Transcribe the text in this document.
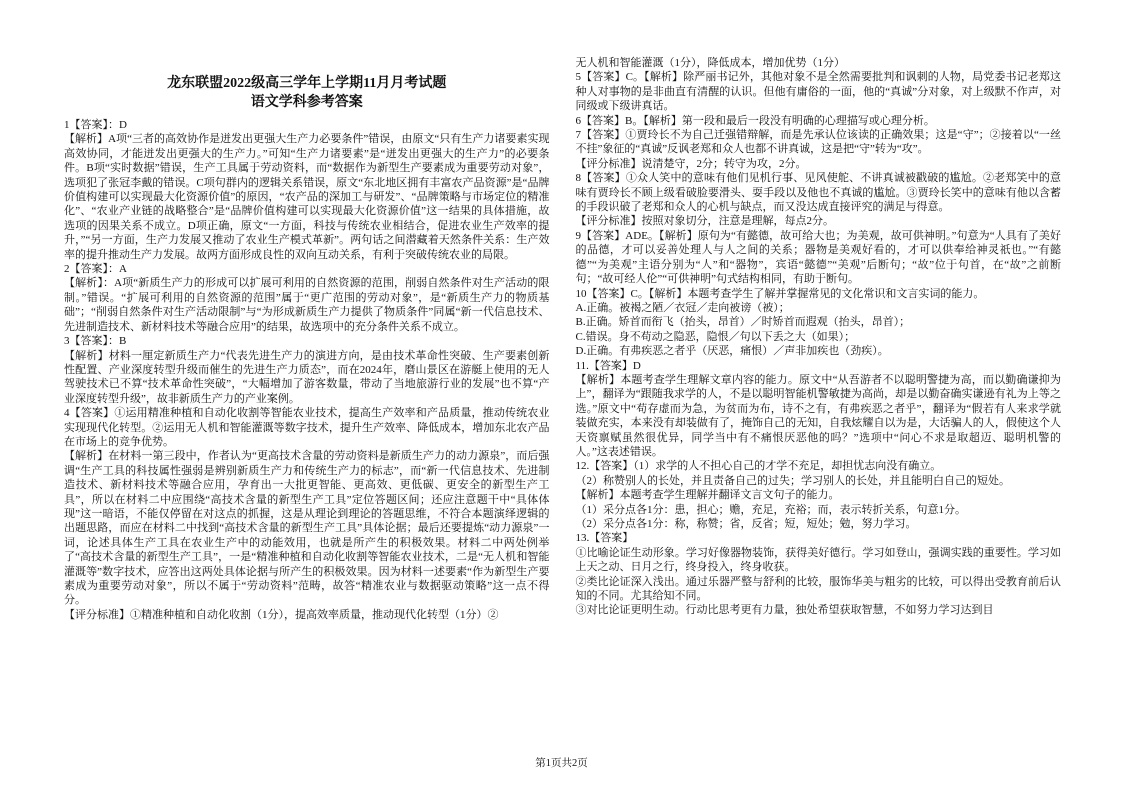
龙东联盟2022级高三学年上学期11月月考试题
语文学科参考答案

1【答案】：D

【解析】A项“三者的高效协作是迸发出更强大生产力必要条件”错误，由原文“只有生产力诸要素实现高效协同，才能迸发出更强大的生产力。”可知“生产力诸要素”是“迸发出更强大的生产力”的必要条件。B项“实时数据”错误，生产工具属于劳动资料，而“数据作为新型生产要素成为重要劳动对象”，选项犯了张冠李戴的错误。C项句群内的逻辑关系错误，原文“东北地区拥有丰富农产品资源”是“品牌价值构建可以实现最大化资源价值”的原因，“农产品的深加工与研发”、“品牌策略与市场定位的精准化”、“农业产业链的战略整合”是“品牌价值构建可以实现最大化资源价值”这一结果的具体措施，故选项的因果关系不成立。D项正确，原文“一方面，科技与传统农业相结合，促进农业生产效率的提升，”“另一方面，生产力发展又推动了农业生产模式革新”。两句话之间潜藏着天然条件关系：生产效率的提升推动生产力发展。故两方面形成良性的双向互动关系，有利于突破传统农业的局限。

2【答案】：A

【解析】：A项“新质生产力的形成可以扩展可利用的自然资源的范围，削弱自然条件对生产活动的限制。”错误。“扩展可利用的自然资源的范围”属于“更广范围的劳动对象”，是“新质生产力的物质基础”；“削弱自然条件对生产活动限制”与“为形成新质生产力提供了物质条件”同属“新一代信息技术、先进制造技术、新材料技术等融合应用”的结果，故选项中的充分条件关系不成立。

3【答案】：B

【解析】材料一厘定新质生产力“代表先进生产力的演进方向，是由技术革命性突破、生产要素创新性配置、产业深度转型升级而催生的先进生产力质态”，而在2024年，磨山景区在游艇上使用的无人驾驶技术已不算“技术革命性突破”，“大幅增加了游客数量，带动了当地旅游行业的发展”也不算“产业深度转型升级”，故非新质生产力的产业案例。

4【答案】①运用精准种植和自动化收割等智能农业技术，提高生产效率和产品质量，推动传统农业实现现代化转型。②运用无人机和智能灌溉等数字技术，提升生产效率、降低成本，增加东北农产品在市场上的竞争优势。

【解析】在材料一第三段中，作者认为“更高技术含量的劳动资料是新质生产力的动力源泉”，而后强调“生产工具的科技属性强弱是辨别新质生产力和传统生产力的标志”，而“新一代信息技术、先进制造技术、新材料技术等融合应用，孕育出一大批更智能、更高效、更低碳、更安全的新型生产工具”，所以在材料二中应围绕“高技术含量的新型生产工具”定位答题区间；还应注意题干中“具体体现”这一暗语，不能仅停留在对这点的抓握，这是从理论到理论的答题思维，不符合本题演绎逻辑的出题思路，而应在材料二中找到“高技术含量的新型生产工具”具体论据；最后还要提炼“动力源泉”一词，论述具体生产工具在农业生产中的动能效用，也就是所产生的积极效果。材料二中两处例举了“高技术含量的新型生产工具”，一是“精准种植和自动化收割等智能农业技术，二是“无人机和智能灌溉等”数字技术，应答出这两处具体论据与所产生的积极效果。因为材料一述要素“作为新型生产要素成为重要劳动对象”，所以不属于“劳动资料”范畴，故答“精准农业与数据驱动策略”这一点不得分。

【评分标准】①精准种植和自动化收割（1分），提高效率质量，推动现代化转型（1分）②

无人机和智能灌溉（1分），降低成本，增加优势（1分）

5【答案】C。【解析】除严丽书记外，其他对象不是全然需要批判和讽刺的人物，局党委书记老郑这种人对事物的是非曲直有清醒的认识。但他有庸俗的一面，他的“真诚”分对象，对上级默不作声，对同级或下级讲真话。

6【答案】B。【解析】第一段和最后一段没有明确的心理描写或心理分析。

7【答案】①贾玲长不为自己迁强错辩解，而是先承认位该读的正确效果；这是“守”；②接着以“一丝不挂”象征的“真诚”反讽老郑和众人也都不讲真诚，这是把“守”转为“攻”。

【评分标准】说清楚守，2分；转守为攻，2分。

8【答案】①众人笑中的意味有他们见机行事、见风使舵、不讲真诚被戳破的尴尬。②老郑笑中的意味有贾玲长不顾上级看破脸要滑头、耍手段以及他也不真诚的尴尬。③贾玲长笑中的意味有他以含蓄的手段识破了老郑和众人的心机与缺点，而又没达成直接评究的满足与得意。

【评分标准】按照对象切分，注意是理解，每点2分。

9【答案】ADE。【解析】原句为“有懿德，故可给大也；为美观，故可供神明。”句意为“人具有了美好的品德，才可以妥善处理人与人之间的关系；器物是美观好看的，才可以供奉给神灵祇也。”“有懿德”“为美观”主语分别为“人”和“器物”，宾语“懿德”“美观”后断句；“故”位于句首，在“故”之前断句；“故可经人伦”“可供神明”句式结构相同，有助于断句。

10【答案】C。【解析】本题考查学生了解并掌握常见的文化常识和文言实词的能力。

A.正确。被褐之陋／衣冠／走向被谤（被）；

B.正确。矫首而衔飞（抬头，昂首）／时矫首而遐观（抬头，昂首）；

C.错误。身不苟动之隐恶，隐恨／句以下丢之大（如果）；

D.正确。有弗疾恶之者乎（厌恶，痛恨）／声非加疾也（劲疾）。

11.【答案】D

【解析】本题考查学生理解文章内容的能力。原文中“从吾游者不以聪明警捷为高，而以勤确谦抑为上”，翻译为“跟随我求学的人，不是以聪明智能机警敏捷为高尚，却是以勤奋确实谦逊有礼为上等之选。”原文中“苟存虚而为急，为贫而为布，诗不之有，有弗疾恶之者乎”，翻译为“假若有人来求学就装做充实，本来没有却装做有了，掩饰自己的无知，自我炫耀自以为是，大话骗人的人，假使这个人天资禀赋虽然很优异，同学当中有不痛恨厌恶他的吗？”选项中“问心不求是取超迈、聪明机警的人。”这表述错误。

12.【答案】（1）求学的人不担心自己的才学不充足，却担忧志向没有确立。

（2）称赞别人的长处，并且责备自己的过失；学习别人的长处，并且能明白自己的短处。

【解析】本题考查学生理解并翻译文言文句子的能力。

（1）采分点各1分：患，担心；赡，充足，充裕；而，表示转折关系，句意1分。

（2）采分点各1分：称，称赞；省，反省；短，短处；勉，努力学习。

13.【答案】

①比喻论证生动形象。学习好像器物装饰，获得美好德行。学习如登山，强调实践的重要性。学习如上天之动、日月之行，终身投入，终身收获。

②类比论证深入浅出。通过乐器严整与舒利的比较，服饰华美与粗劣的比较，可以得出受教育前后认知的不同。尤其给知不同。

③对比论证更明生动。行动比思考更有力量，独处希望获取智慧，不如努力学习达到目

第1页共2页
